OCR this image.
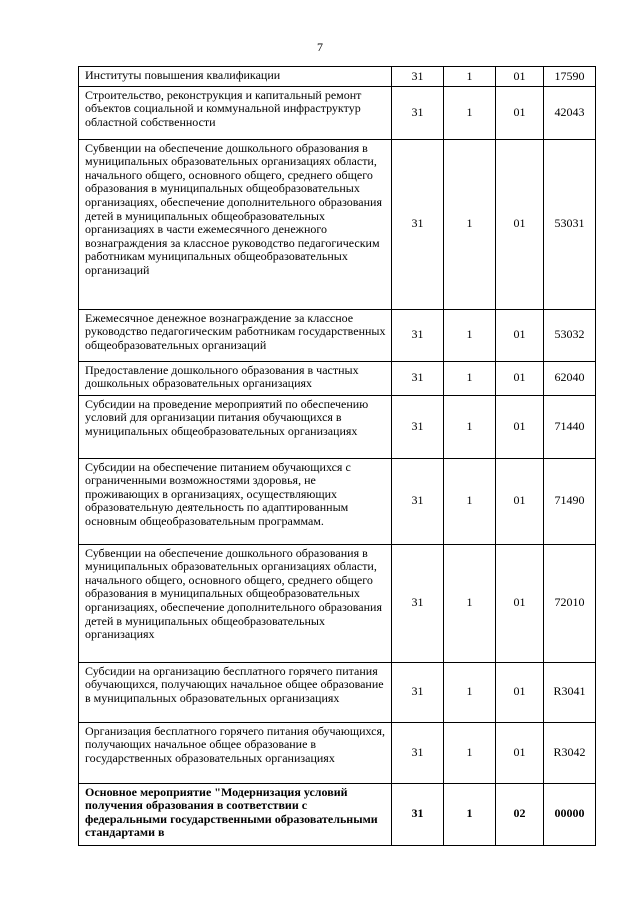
7
Институты повышения квалификации	31	1	01	17590
Строительство, реконструкция и капитальный ремонт объектов социальной и коммунальной инфраструктур областной собственности	31	1	01	42043
Субвенции на обеспечение дошкольного образования в муниципальных образовательных организациях области, начального общего, основного общего, среднего общего образования в муниципальных общеобразовательных организациях, обеспечение дополнительного образования детей в муниципальных общеобразовательных организациях в части ежемесячного денежного вознаграждения за классное руководство педагогическим работникам муниципальных общеобразовательных организаций	31	1	01	53031
Ежемесячное денежное вознаграждение за классное руководство педагогическим работникам государственных общеобразовательных организаций	31	1	01	53032
Предоставление дошкольного образования в частных дошкольных образовательных организациях	31	1	01	62040
Субсидии на проведение мероприятий по обеспечению условий для организации питания обучающихся в муниципальных общеобразовательных организациях	31	1	01	71440
Субсидии на обеспечение питанием обучающихся с ограниченными возможностями здоровья, не проживающих в организациях, осуществляющих образовательную деятельность по адаптированным основным общеобразовательным программам.	31	1	01	71490
Субвенции на обеспечение дошкольного образования в муниципальных образовательных организациях области, начального общего, основного общего, среднего общего образования в муниципальных общеобразовательных организациях, обеспечение дополнительного образования детей в муниципальных общеобразовательных организациях	31	1	01	72010
Субсидии на организацию бесплатного горячего питания обучающихся, получающих начальное общее образование в муниципальных образовательных организациях	31	1	01	R3041
Организация бесплатного горячего питания обучающихся, получающих начальное общее образование в государственных образовательных организациях	31	1	01	R3042
Основное мероприятие "Модернизация условий получения образования в соответствии с федеральными государственными образовательными стандартами в	31	1	02	00000
